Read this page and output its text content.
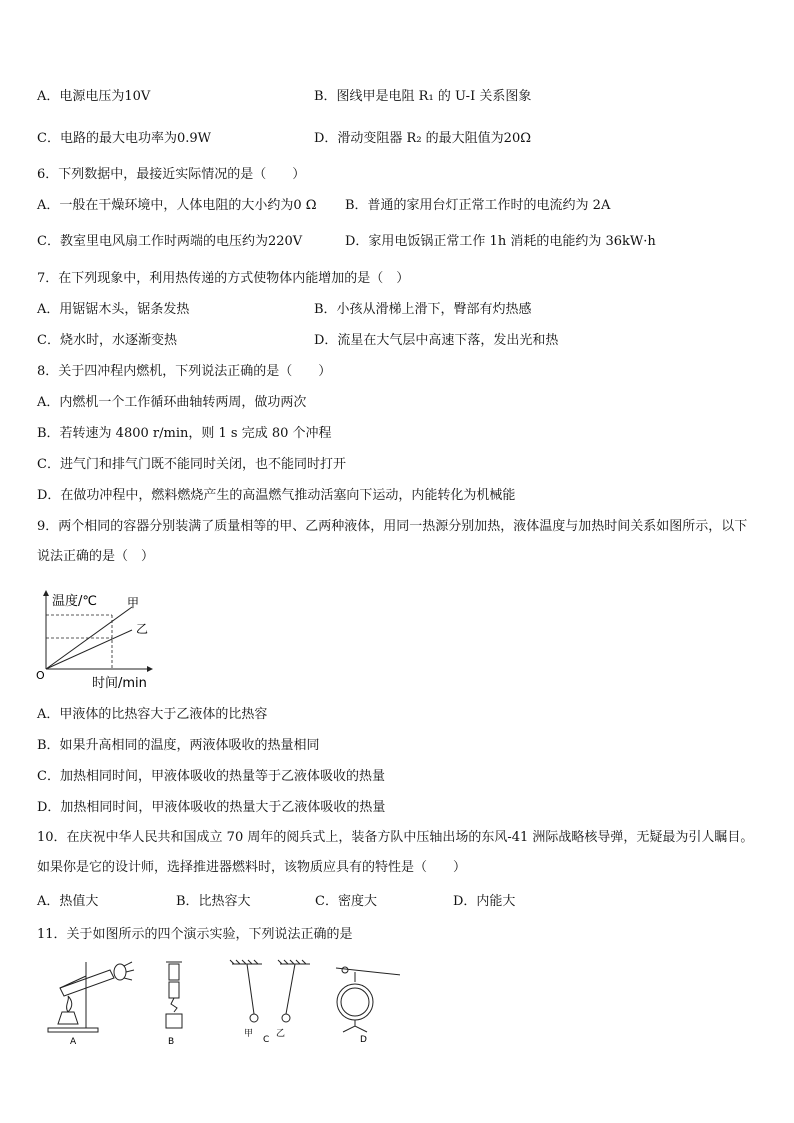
A．电源电压为10V	B．图线甲是电阻 R₁ 的 U-I 关系图象
C．电路的最大电功率为0.9W	D．滑动变阻器 R₂ 的最大阻值为20Ω
6．下列数据中，最接近实际情况的是（　　）
A．一般在干燥环境中，人体电阻的大小约为0 Ω B．普通的家用台灯正常工作时的电流约为 2A
C．教室里电风扇工作时两端的电压约为220V	D．家用电饭锅正常工作 1h 消耗的电能约为 36kW·h
7．在下列现象中，利用热传递的方式使物体内能增加的是（　）
A．用锯锯木头，锯条发热	B．小孩从滑梯上滑下，臀部有灼热感
C．烧水时，水逐渐变热	D．流星在大气层中高速下落，发出光和热
8．关于四冲程内燃机，下列说法正确的是（　　）
A．内燃机一个工作循环曲轴转两周，做功两次
B．若转速为 4800 r/min，则 1 s 完成 80 个冲程
C．进气门和排气门既不能同时关闭，也不能同时打开
D．在做功冲程中，燃料燃烧产生的高温燃气推动活塞向下运动，内能转化为机械能
9．两个相同的容器分别装满了质量相等的甲、乙两种液体，用同一热源分别加热，液体温度与加热时间关系如图所示，以下说法正确的是（　）
温度/℃
时间/min
O
甲
乙
A．甲液体的比热容大于乙液体的比热容
B．如果升高相同的温度，两液体吸收的热量相同
C．加热相同时间，甲液体吸收的热量等于乙液体吸收的热量
D．加热相同时间，甲液体吸收的热量大于乙液体吸收的热量
10．在庆祝中华人民共和国成立 70 周年的阅兵式上，装备方队中压轴出场的东风-41 洲际战略核导弹，无疑最为引人瞩目。如果你是它的设计师，选择推进器燃料时，该物质应具有的特性是（　　）
A．热值大	B．比热容大	C．密度大	D．内能大
11．关于如图所示的四个演示实验，下列说法正确的是
A	B
甲	乙
C	D
